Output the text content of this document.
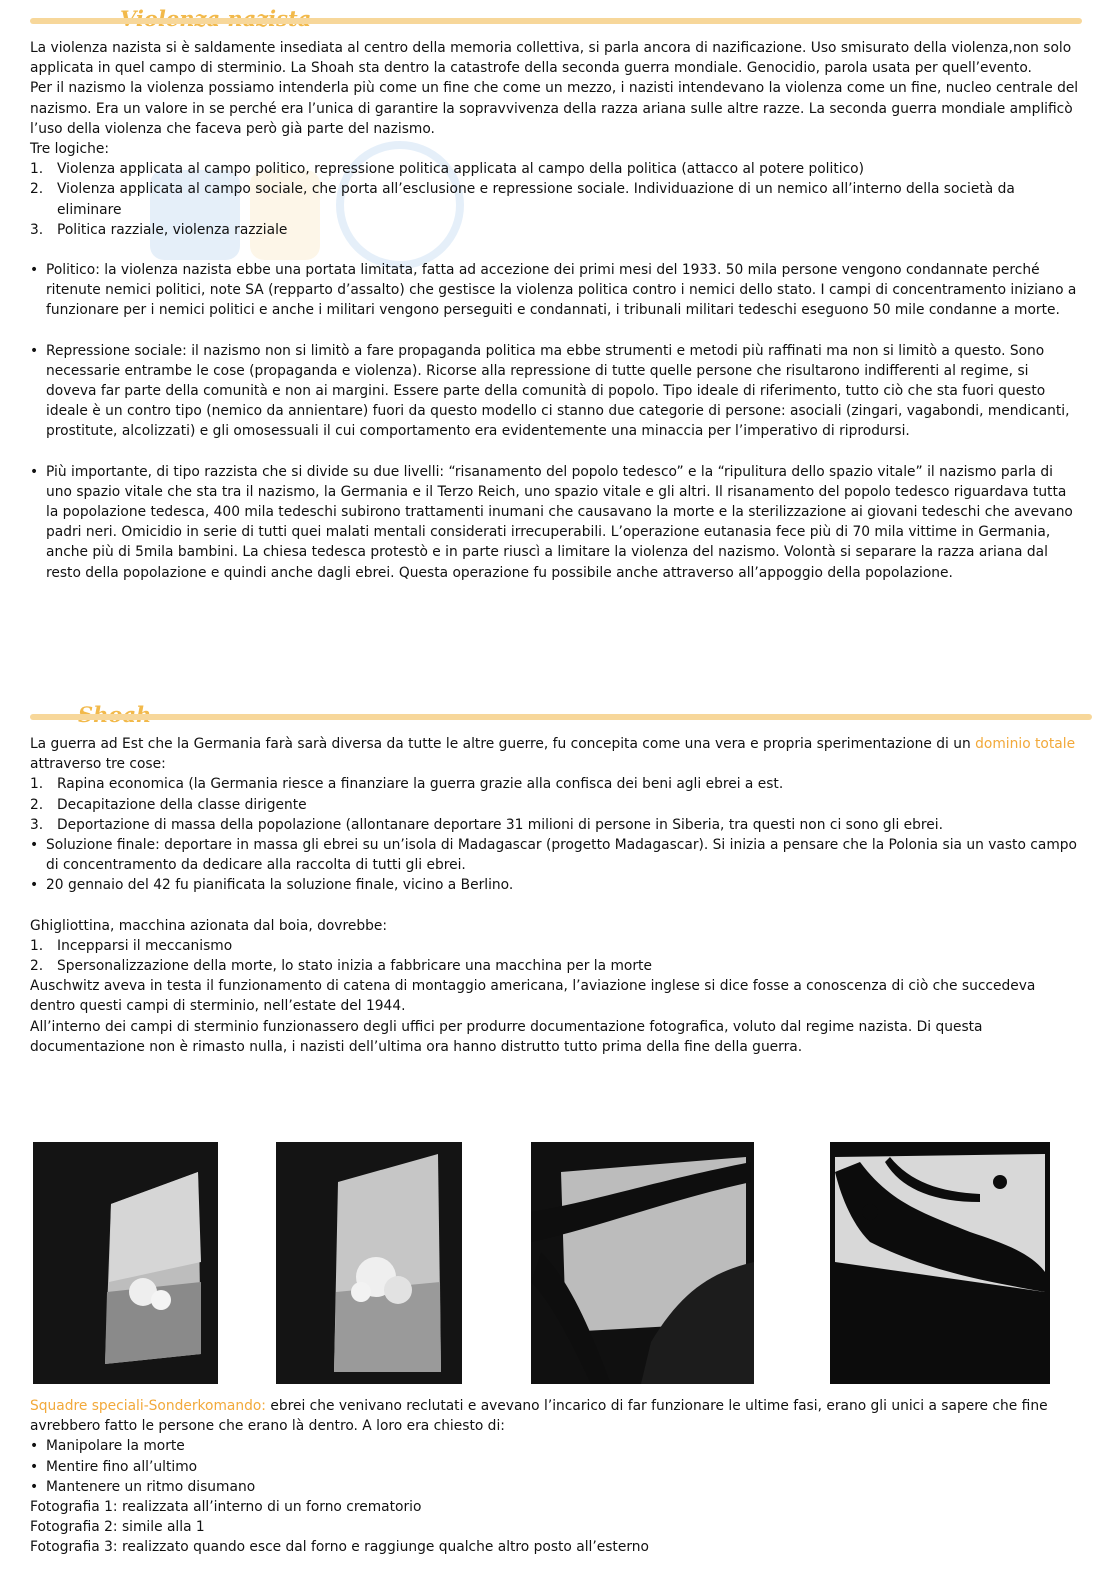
La violenza nazista si è saldamente insediata al centro della memoria collettiva, si parla ancora di nazificazione. Uso smisurato della violenza,non solo applicata in quel campo di sterminio. La Shoah sta dentro la catastrofe della seconda guerra mondiale. Genocidio, parola usata per quell’evento.

Per il nazismo la violenza possiamo intenderla più come un fine che come un mezzo, i nazisti intendevano la violenza come un fine, nucleo centrale del nazismo. Era un valore in se perché era l’unica di garantire la sopravvivenza della razza ariana sulle altre razze. La seconda guerra mondiale amplificò l’uso della violenza che faceva però già parte del nazismo.

Tre logiche:

1. Violenza applicata al campo politico, repressione politica applicata al campo della politica (attacco al potere politico)
2. Violenza applicata al campo sociale, che porta all’esclusione e repressione sociale. Individuazione di un nemico all’interno della società da eliminare
3. Politica razziale, violenza razziale
• Politico: la violenza nazista ebbe una portata limitata, fatta ad accezione dei primi mesi del 1933. 50 mila persone vengono condannate perché ritenute nemici politici, note SA (repparto d’assalto) che gestisce la violenza politica contro i nemici dello stato. I campi di concentramento iniziano a funzionare per i nemici politici e anche i militari vengono perseguiti e condannati, i tribunali militari tedeschi eseguono 50 mile condanne a morte.
• Repressione sociale: il nazismo non si limitò a fare propaganda politica ma ebbe strumenti e metodi più raffinati ma non si limitò a questo. Sono necessarie entrambe le cose (propaganda e violenza). Ricorse alla repressione di tutte quelle persone che risultarono indifferenti al regime, si doveva far parte della comunità e non ai margini. Essere parte della comunità di popolo. Tipo ideale di riferimento, tutto ciò che sta fuori questo ideale è un contro tipo (nemico da annientare) fuori da questo modello ci stanno due categorie di persone: asociali (zingari, vagabondi, mendicanti, prostitute, alcolizzati) e gli omosessuali il cui comportamento era evidentemente una minaccia per l’imperativo di riprodursi.
• Più importante, di tipo razzista che si divide su due livelli: “risanamento del popolo tedesco” e la “ripulitura dello spazio vitale” il nazismo parla di uno spazio vitale che sta tra il nazismo, la Germania e il Terzo Reich, uno spazio vitale e gli altri. Il risanamento del popolo tedesco riguardava tutta la popolazione tedesca, 400 mila tedeschi subirono trattamenti inumani che causavano la morte e la sterilizzazione ai giovani tedeschi che avevano padri neri. Omicidio in serie di tutti quei malati mentali considerati irrecuperabili. L’operazione eutanasia fece più di 70 mila vittime in Germania, anche più di 5mila bambini. La chiesa tedesca protestò e in parte riuscì a limitare la violenza del nazismo. Volontà si separare la razza ariana dal resto della popolazione e quindi anche dagli ebrei. Questa operazione fu possibile anche attraverso all’appoggio della popolazione.

La guerra ad Est che la Germania farà sarà diversa da tutte le altre guerre, fu concepita come una vera e propria sperimentazione di un dominio totale attraverso tre cose:

1. Rapina economica (la Germania riesce a finanziare la guerra grazie alla confisca dei beni agli ebrei a est.
2. Decapitazione della classe dirigente
3. Deportazione di massa della popolazione (allontanare deportare 31 milioni di persone in Siberia, tra questi non ci sono gli ebrei.
• Soluzione finale: deportare in massa gli ebrei su un’isola di Madagascar (progetto Madagascar). Si inizia a pensare che la Polonia sia un vasto campo di concentramento da dedicare alla raccolta di tutti gli ebrei.
• 20 gennaio del 42 fu pianificata la soluzione finale, vicino a Berlino.

Ghigliottina, macchina azionata dal boia, dovrebbe:

1. Incepparsi il meccanismo
2. Spersonalizzazione della morte, lo stato inizia a fabbricare una macchina per la morte

Auschwitz aveva in testa il funzionamento di catena di montaggio americana, l’aviazione inglese si dice fosse a conoscenza di ciò che succedeva dentro questi campi di sterminio, nell’estate del 1944.

All’interno dei campi di sterminio funzionassero degli uffici per produrre documentazione fotografica, voluto dal regime nazista. Di questa documentazione non è rimasto nulla, i nazisti dell’ultima ora hanno distrutto tutto prima della fine della guerra.

Squadre speciali-Sonderkomando: ebrei che venivano reclutati e avevano l’incarico di far funzionare le ultime fasi, erano gli unici a sapere che fine avrebbero fatto le persone che erano là dentro. A loro era chiesto di:

• Manipolare la morte
• Mentire fino all’ultimo
• Mantenere un ritmo disumano

Fotografia 1: realizzata all’interno di un forno crematorio

Fotografia 2: simile alla 1

Fotografia 3: realizzato quando esce dal forno e raggiunge qualche altro posto all’esterno
